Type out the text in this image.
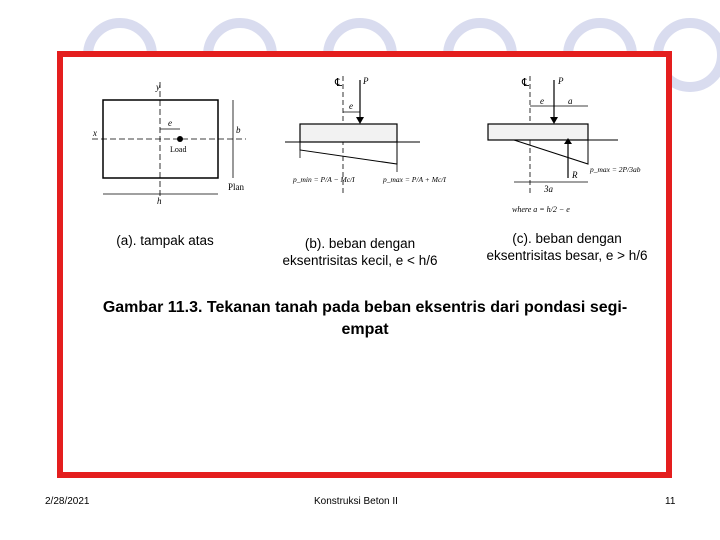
y
x
e
b
Load
h
Plan
℄ P
e
p_min = P/A − Mc/I	p_max = P/A + Mc/I
℄	P
e	a
R
3a
p_max = 2P/3ab
where a = h/2 − e
(a). tampak atas	(b). beban dengan eksentrisitas kecil, e < h/6
(c). beban dengan eksentrisitas besar, e > h/6
Gambar 11.3. Tekanan tanah pada beban eksentris dari pondasi segi-empat
2/28/2021	Konstruksi Beton II	11
